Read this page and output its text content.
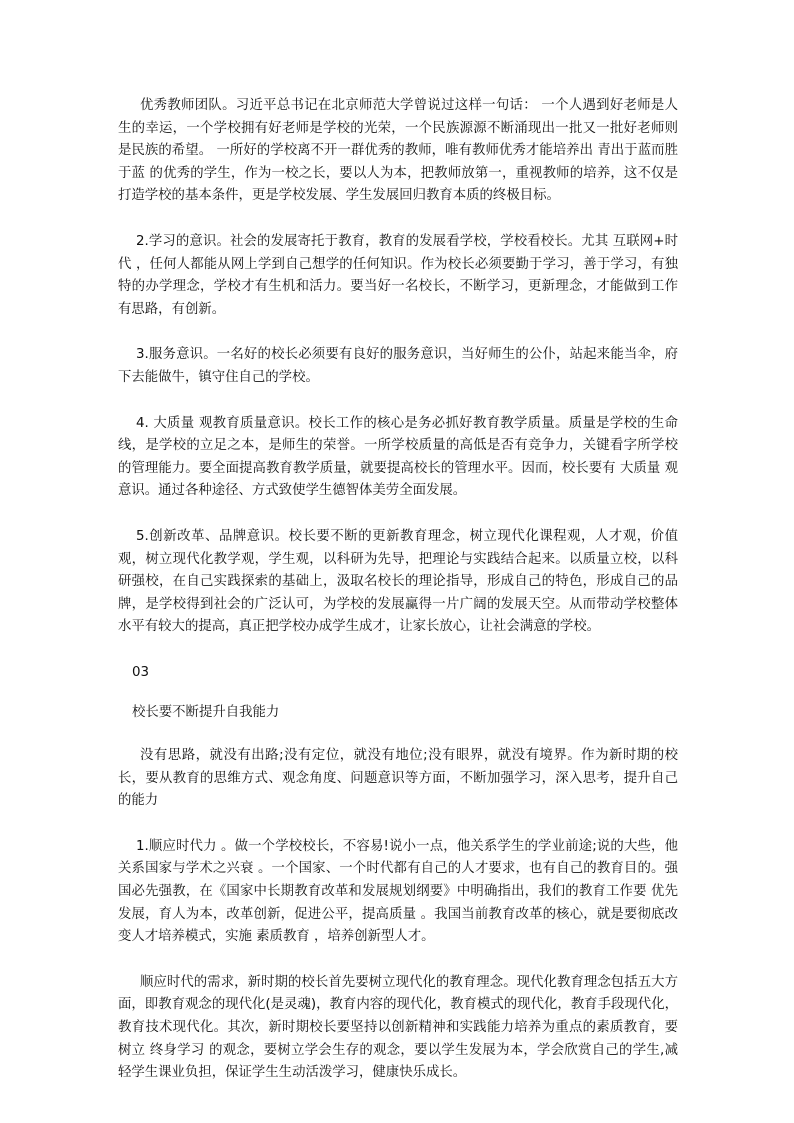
优秀教师团队。习近平总书记在北京师范大学曾说过这样一句话： 一个人遇到好老师是人生的幸运，一个学校拥有好老师是学校的光荣，一个民族源源不断涌现出一批又一批好老师则是民族的希望。 一所好的学校离不开一群优秀的教师，唯有教师优秀才能培养出 青出于蓝而胜于蓝 的优秀的学生，作为一校之长，要以人为本，把教师放第一，重视教师的培养，这不仅是打造学校的基本条件，更是学校发展、学生发展回归教育本质的终极目标。

2.学习的意识。社会的发展寄托于教育，教育的发展看学校，学校看校长。尤其 互联网+时代 ，任何人都能从网上学到自己想学的任何知识。作为校长必须要勤于学习，善于学习，有独特的办学理念，学校才有生机和活力。要当好一名校长，不断学习，更新理念，才能做到工作有思路，有创新。

3.服务意识。一名好的校长必须要有良好的服务意识，当好师生的公仆，站起来能当伞，府下去能做牛，镇守住自己的学校。

4. 大质量 观教育质量意识。校长工作的核心是务必抓好教育教学质量。质量是学校的生命线，是学校的立足之本，是师生的荣誉。一所学校质量的高低是否有竞争力，关键看字所学校的管理能力。要全面提高教育教学质量，就要提高校长的管理水平。因而，校长要有 大质量 观意识。通过各种途径、方式致使学生德智体美劳全面发展。

5.创新改革、品牌意识。校长要不断的更新教育理念，树立现代化课程观，人才观，价值观，树立现代化教学观，学生观，以科研为先导，把理论与实践结合起来。以质量立校，以科研强校，在自己实践探索的基础上，汲取名校长的理论指导，形成自己的特色，形成自己的品牌，是学校得到社会的广泛认可，为学校的发展赢得一片广阔的发展天空。从而带动学校整体水平有较大的提高，真正把学校办成学生成才，让家长放心，让社会满意的学校。

03
校长要不断提升自我能力

没有思路，就没有出路;没有定位，就没有地位;没有眼界，就没有境界。作为新时期的校长，要从教育的思维方式、观念角度、问题意识等方面，不断加强学习，深入思考，提升自己的能力

1.顺应时代力 。做一个学校校长，不容易!说小一点，他关系学生的学业前途;说的大些，他关系国家与学术之兴衰 。一个国家、一个时代都有自己的人才要求，也有自己的教育目的。强国必先强教，在《国家中长期教育改革和发展规划纲要》中明确指出，我们的教育工作要 优先发展，育人为本，改革创新，促进公平，提高质量 。我国当前教育改革的核心，就是要彻底改变人才培养模式，实施 素质教育 ，培养创新型人才。

顺应时代的需求，新时期的校长首先要树立现代化的教育理念。现代化教育理念包括五大方面，即教育观念的现代化(是灵魂)，教育内容的现代化，教育模式的现代化，教育手段现代化，教育技术现代化。其次，新时期校长要坚持以创新精神和实践能力培养为重点的素质教育，要树立 终身学习 的观念，要树立学会生存的观念，要以学生发展为本，学会欣赏自己的学生,减轻学生课业负担，保证学生生动活泼学习，健康快乐成长。
